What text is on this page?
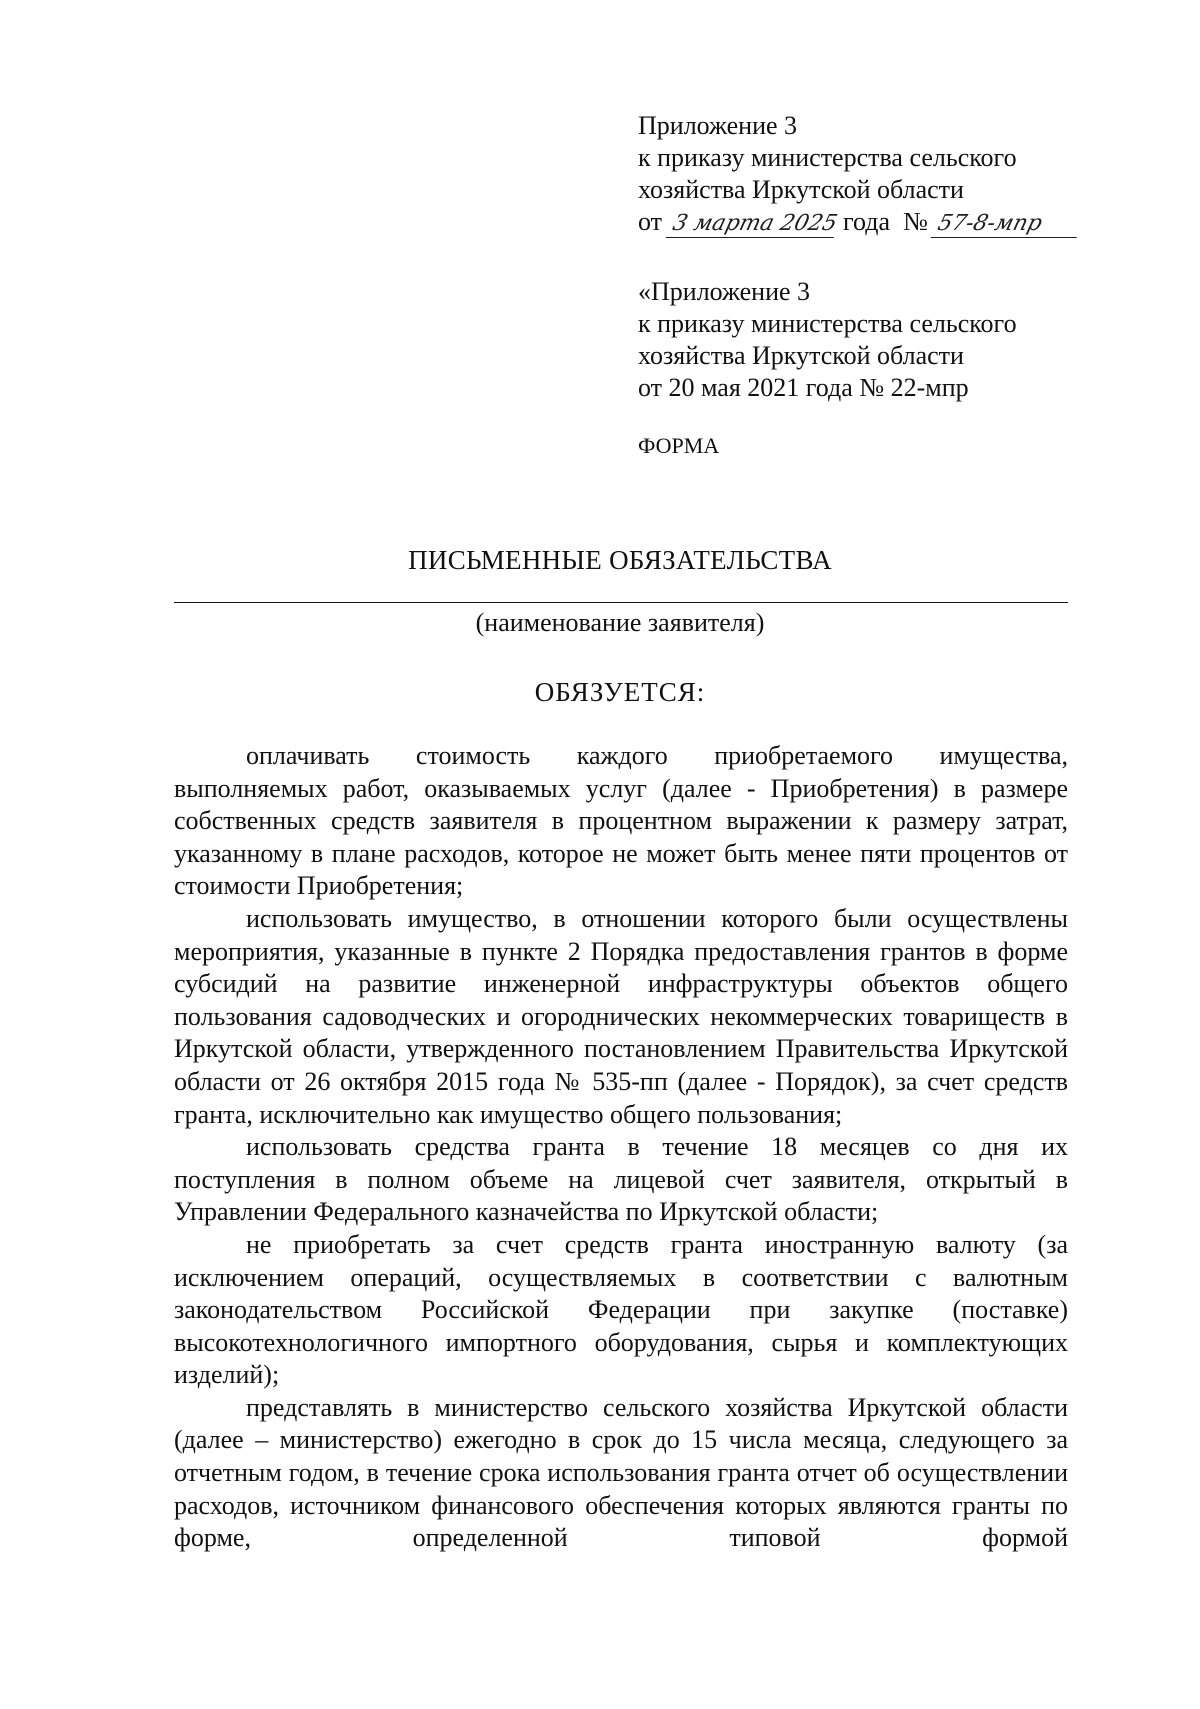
Приложение 3
к приказу министерства сельского
хозяйства Иркутской области
от 3 марта 2025 года № 57-8-мпр
«Приложение 3
к приказу министерства сельского
хозяйства Иркутской области
от 20 мая 2021 года № 22-мпр
ФОРМА
ПИСЬМЕННЫЕ ОБЯЗАТЕЛЬСТВА
(наименование заявителя)
ОБЯЗУЕТСЯ:

оплачивать стоимость каждого приобретаемого имущества, выполняемых работ, оказываемых услуг (далее - Приобретения) в размере собственных средств заявителя в процентном выражении к размеру затрат, указанному в плане расходов, которое не может быть менее пяти процентов от стоимости Приобретения;

использовать имущество, в отношении которого были осуществлены мероприятия, указанные в пункте 2 Порядка предоставления грантов в форме субсидий на развитие инженерной инфраструктуры объектов общего пользования садоводческих и огороднических некоммерческих товариществ в Иркутской области, утвержденного постановлением Правительства Иркутской области от 26 октября 2015 года № 535-пп (далее - Порядок), за счет средств гранта, исключительно как имущество общего пользования;

использовать средства гранта в течение 18 месяцев со дня их поступления в полном объеме на лицевой счет заявителя, открытый в Управлении Федерального казначейства по Иркутской области;

не приобретать за счет средств гранта иностранную валюту (за исключением операций, осуществляемых в соответствии с валютным законодательством Российской Федерации при закупке (поставке) высокотехнологичного импортного оборудования, сырья и комплектующих изделий);

представлять в министерство сельского хозяйства Иркутской области (далее – министерство) ежегодно в срок до 15 числа месяца, следующего за отчетным годом, в течение срока использования гранта отчет об осуществлении расходов, источником финансового обеспечения которых являются гранты по форме, определенной типовой формой
